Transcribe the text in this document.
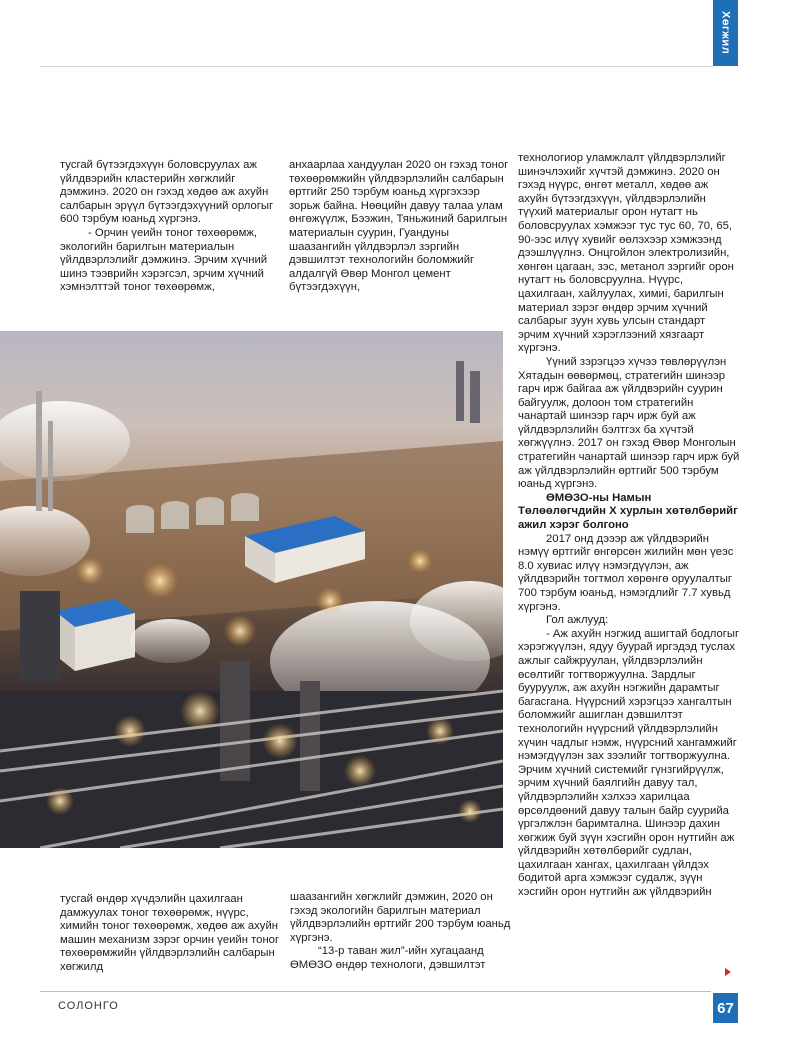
Хөгжил

тусгай бүтээгдэхүүн боловсруулах аж үйлдвэрийн кластерийн хөгжлийг дэмжинэ. 2020 он гэхэд хөдөө аж ахуйн салбарын эрүүл бүтээгдэхүүний орлогыг 600 тэрбум юаньд хүргэнэ.

- Орчин үеийн тоног төхөөрөмж, экологийн барилгын материалын үйлдвэрлэлийг дэмжинэ. Эрчим хүчний шинэ тээврийн хэрэгсэл, эрчим хүчний хэмнэлттэй тоног төхөөрөмж,

анхаарлаа хандуулан 2020 он гэхэд тоног төхөөрөмжийн үйлдвэрлэлийн салбарын өртгийг 250 тэрбум юаньд хүргэхээр зорьж байна. Нөөцийн давуу талаа улам өнгөжүүлж, Бээжин, Тяньжиний барилгын материалын суурин, Гуандуны шаазангийн үйлдвэрлэл зэргийн дэвшилтэт технологийн боломжийг алдалгүй Өвөр Монгол цемент бүтээгдэхүүн,

технологиор уламжлалт үйлдвэрлэлийг шинэчлэхийг хүчтэй дэмжинэ. 2020 он гэхэд нүүрс, өнгөт металл, хөдөө аж ахуйн бүтээгдэхүүн, үйлдвэрлэлийн түүхий материалыг орон нутагт нь боловсруулах хэмжээг тус тус 60, 70, 65, 90-ээс илүү хувийг өөлэхээр хэмжээнд дээшлүүлнэ. Онцгойлон электролизийн, хөнгөн цагаан, зэс, метанол зэргийг орон нутагт нь боловсруулна. Нүүрс, цахилгаан, хайлуулах, химиі, барилгын материал зэрэг өндөр эрчим хүчний салбарыг зуун хувь улсын стандарт эрчим хүчний хэрэглээний хязгаарт хүргэнэ.

Үүний зэрэгцээ хүчээ төвлөрүүлэн Хятадын өөвөрмөц, стратегийн шинээр гарч ирж байгаа аж үйлдвэрийн суурин байгуулж, долоон том стратегийн чанартай шинээр гарч ирж буй аж үйлдвэрлэлийн бэлтгэх ба хүчтэй хөгжүүлнэ. 2017 он гэхэд Өвөр Монголын стратегийн чанартай шинээр гарч ирж буй аж үйлдвэрлэлийн өртгийг 500 тэрбум юаньд хүргэнэ.

ӨМӨЗО-ны Намын Төлөөлөгчдийн Х хурлын хөтөлбөрийг ажил хэрэг болгоно

2017 онд дэээр аж үйлдвэрийн нэмүү өртгийг өнгөрсөн жилийн мөн үеэс 8.0 хувиас илүү нэмэгдүүлэн, аж үйлдвэрийн тогтмол хөрөнгө оруулалтыг 700 тэрбум юаньд, нэмэгдлийг 7.7 хувьд хүргэнэ.

Гол ажлууд:

- Аж ахуйн нэгжид ашигтай бодлогыг хэрэгжүүлэн, ядуу буурай иргэдэд туслах ажлыг сайжруулан, үйлдвэрлэлийн өсөлтийг тогтворжуулна. Зардлыг бууруулж, аж ахуйн нэгжийн дарамтыг багасгана. Нүүрсний хэрэгцээ хангалтын боломжийг ашиглан дэвшилтэт технологийн нүүрсний үйлдвэрлэлийн хүчин чадлыг нэмж, нүүрсний хангамжийг нэмэгдүүлэн зах зээлийг тогтворжуулна. Эрчим хүчний системийг гүнзгийрүүлж, эрчим хүчний баялгийн давуу тал, үйлдвэрлэлийн хэлхээ харилцаа өрсөлдөөний давуу талын байр суурийа үргэлжлэн баримтална. Шинээр дахин хөгжиж буй зүүн хэсгийн орон нутгийн аж үйлдвэрийн хөтөлбөрийг судлан, цахилгаан хангах, цахилгаан үйлдэх бодитой арга хэмжээг судалж, зүүн хэсгийн орон нутгийн аж үйлдвэрийн

тусгай өндөр хүчдэлийн цахилгаан дамжуулах тоног төхөөрөмж, нүүрс, химийн тоног төхөөрөмж, хөдөө аж ахуйн машин механизм зэрэг орчин үеийн тоног төхөөрөмжийн үйлдвэрлэлийн салбарын хөгжилд

шаазангийн хөгжлийг дэмжин, 2020 он гэхэд экологийн барилгын материал үйлдвэрлэлийн өртгийг 200 тэрбум юаньд хүргэнэ.

“13-р таван жил”-ийн хугацаанд ӨМӨЗО өндөр технологи, дэвшилтэт

СОЛОНГО	67
